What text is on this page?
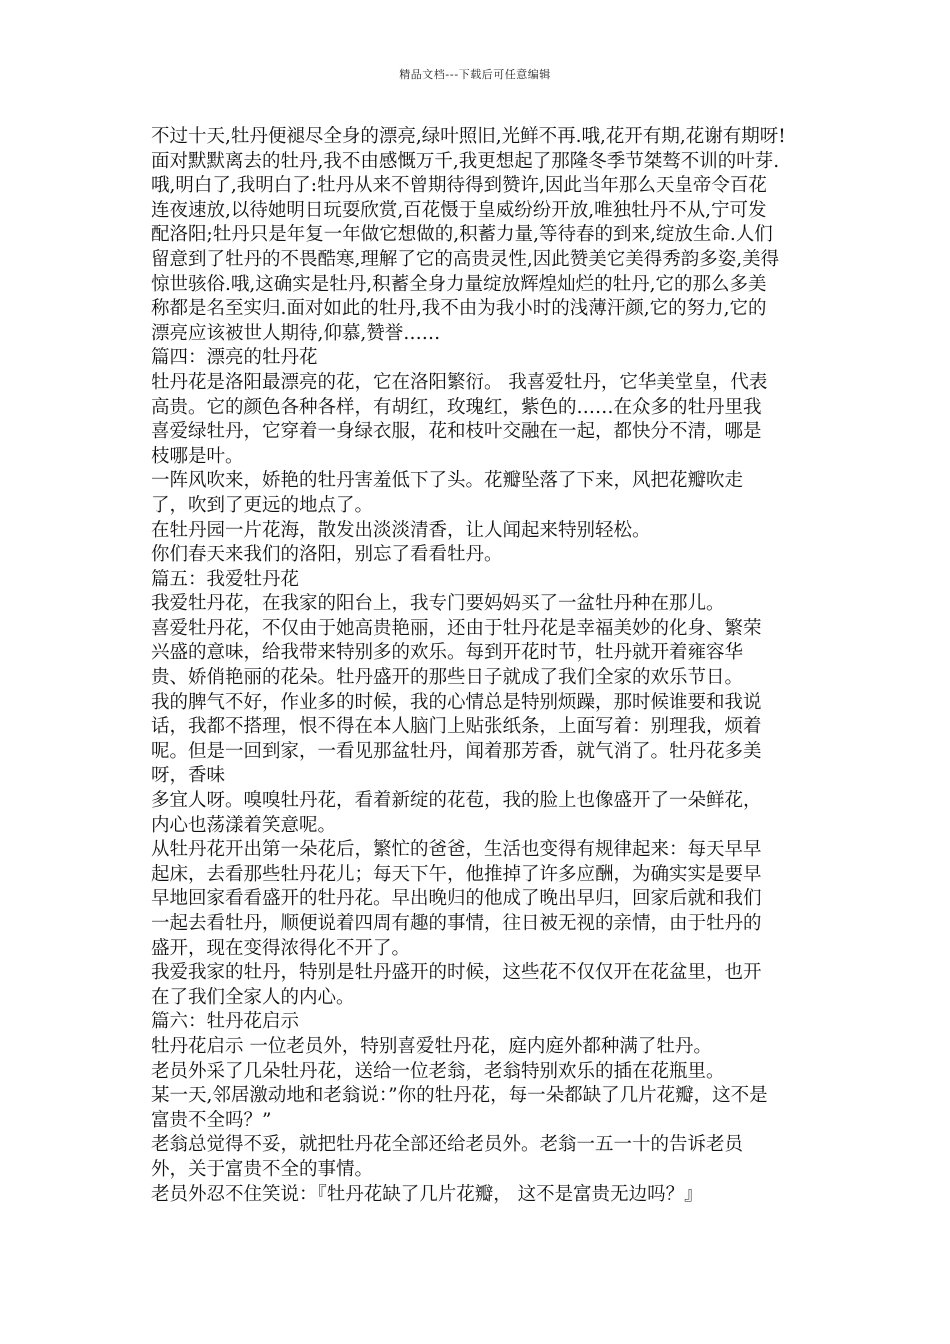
精品文档---下载后可任意编辑
不过十天,牡丹便褪尽全身的漂亮,绿叶照旧,光鲜不再.哦,花开有期,花谢有期呀!
面对默默离去的牡丹,我不由感慨万千,我更想起了那隆冬季节桀骜不训的叶芽.
哦,明白了,我明白了:牡丹从来不曾期待得到赞许,因此当年那么天皇帝令百花
连夜速放,以待她明日玩耍欣赏,百花慑于皇威纷纷开放,唯独牡丹不从,宁可发
配洛阳;牡丹只是年复一年做它想做的,积蓄力量,等待春的到来,绽放生命.人们
留意到了牡丹的不畏酷寒,理解了它的高贵灵性,因此赞美它美得秀韵多姿,美得
惊世骇俗.哦,这确实是牡丹,积蓄全身力量绽放辉煌灿烂的牡丹,它的那么多美
称都是名至实归.面对如此的牡丹,我不由为我小时的浅薄汗颜,它的努力,它的
漂亮应该被世人期待,仰慕,赞誉……
篇四：漂亮的牡丹花
牡丹花是洛阳最漂亮的花，它在洛阳繁衍。 我喜爱牡丹，它华美堂皇，代表
高贵。它的颜色各种各样，有胡红，玫瑰红，紫色的……在众多的牡丹里我
喜爱绿牡丹，它穿着一身绿衣服，花和枝叶交融在一起，都快分不清，哪是
枝哪是叶。
一阵风吹来，娇艳的牡丹害羞低下了头。花瓣坠落了下来，风把花瓣吹走
了，吹到了更远的地点了。
在牡丹园一片花海，散发出淡淡清香，让人闻起来特别轻松。
你们春天来我们的洛阳，别忘了看看牡丹。
篇五：我爱牡丹花
我爱牡丹花，在我家的阳台上，我专门要妈妈买了一盆牡丹种在那儿。
喜爱牡丹花，不仅由于她高贵艳丽，还由于牡丹花是幸福美妙的化身、繁荣
兴盛的意味，给我带来特别多的欢乐。每到开花时节，牡丹就开着雍容华
贵、娇俏艳丽的花朵。牡丹盛开的那些日子就成了我们全家的欢乐节日。
我的脾气不好，作业多的时候，我的心情总是特别烦躁，那时候谁要和我说
话，我都不搭理，恨不得在本人脑门上贴张纸条，上面写着：别理我，烦着
呢。但是一回到家，一看见那盆牡丹，闻着那芳香，就气消了。牡丹花多美
呀，香味
多宜人呀。嗅嗅牡丹花，看着新绽的花苞，我的脸上也像盛开了一朵鲜花，
内心也荡漾着笑意呢。
从牡丹花开出第一朵花后，繁忙的爸爸，生活也变得有规律起来：每天早早
起床，去看那些牡丹花儿；每天下午，他推掉了许多应酬，为确实实是要早
早地回家看看盛开的牡丹花。早出晚归的他成了晚出早归，回家后就和我们
一起去看牡丹，顺便说着四周有趣的事情，往日被无视的亲情，由于牡丹的
盛开，现在变得浓得化不开了。
我爱我家的牡丹，特别是牡丹盛开的时候，这些花不仅仅开在花盆里，也开
在了我们全家人的内心。
篇六：牡丹花启示
牡丹花启示 一位老员外，特别喜爱牡丹花，庭内庭外都种满了牡丹。
老员外采了几朵牡丹花，送给一位老翁，老翁特别欢乐的插在花瓶里。
某一天,邻居激动地和老翁说：”你的牡丹花，每一朵都缺了几片花瓣，这不是
富贵不全吗？”
老翁总觉得不妥，就把牡丹花全部还给老员外。老翁一五一十的告诉老员
外，关于富贵不全的事情。
老员外忍不住笑说：『牡丹花缺了几片花瓣， 这不是富贵无边吗？』
